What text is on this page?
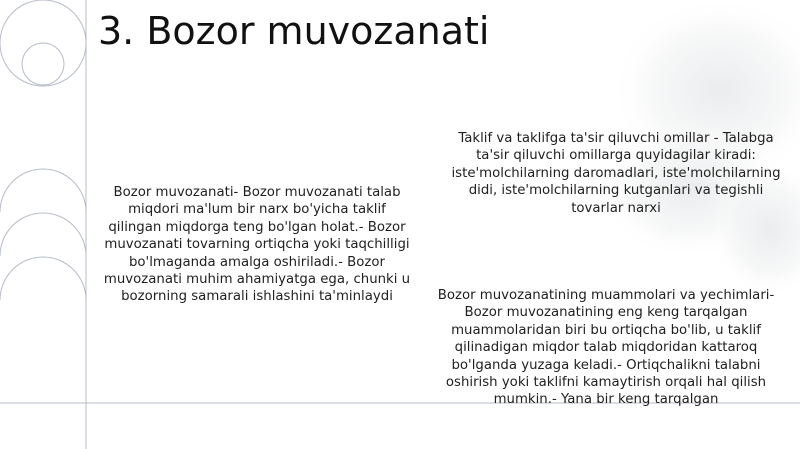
3. Bozor muvozanati
Bozor muvozanati- Bozor muvozanati talab miqdori ma'lum bir narx bo'yicha taklif qilingan miqdorga teng bo'lgan holat.- Bozor muvozanati tovarning ortiqcha yoki taqchilligi bo'lmaganda amalga oshiriladi.- Bozor muvozanati muhim ahamiyatga ega, chunki u bozorning samarali ishlashini ta'minlaydi
Taklif va taklifga ta'sir qiluvchi omillar - Talabga ta'sir qiluvchi omillarga quyidagilar kiradi: iste'molchilarning daromadlari, iste'molchilarning didi, iste'molchilarning kutganlari va tegishli tovarlar narxi
Bozor muvozanatining muammolari va yechimlari- Bozor muvozanatining eng keng tarqalgan muammolaridan biri bu ortiqcha bo'lib, u taklif qilinadigan miqdor talab miqdoridan kattaroq bo'lganda yuzaga keladi.- Ortiqchalikni talabni oshirish yoki taklifni kamaytirish orqali hal qilish mumkin.- Yana bir keng tarqalgan
